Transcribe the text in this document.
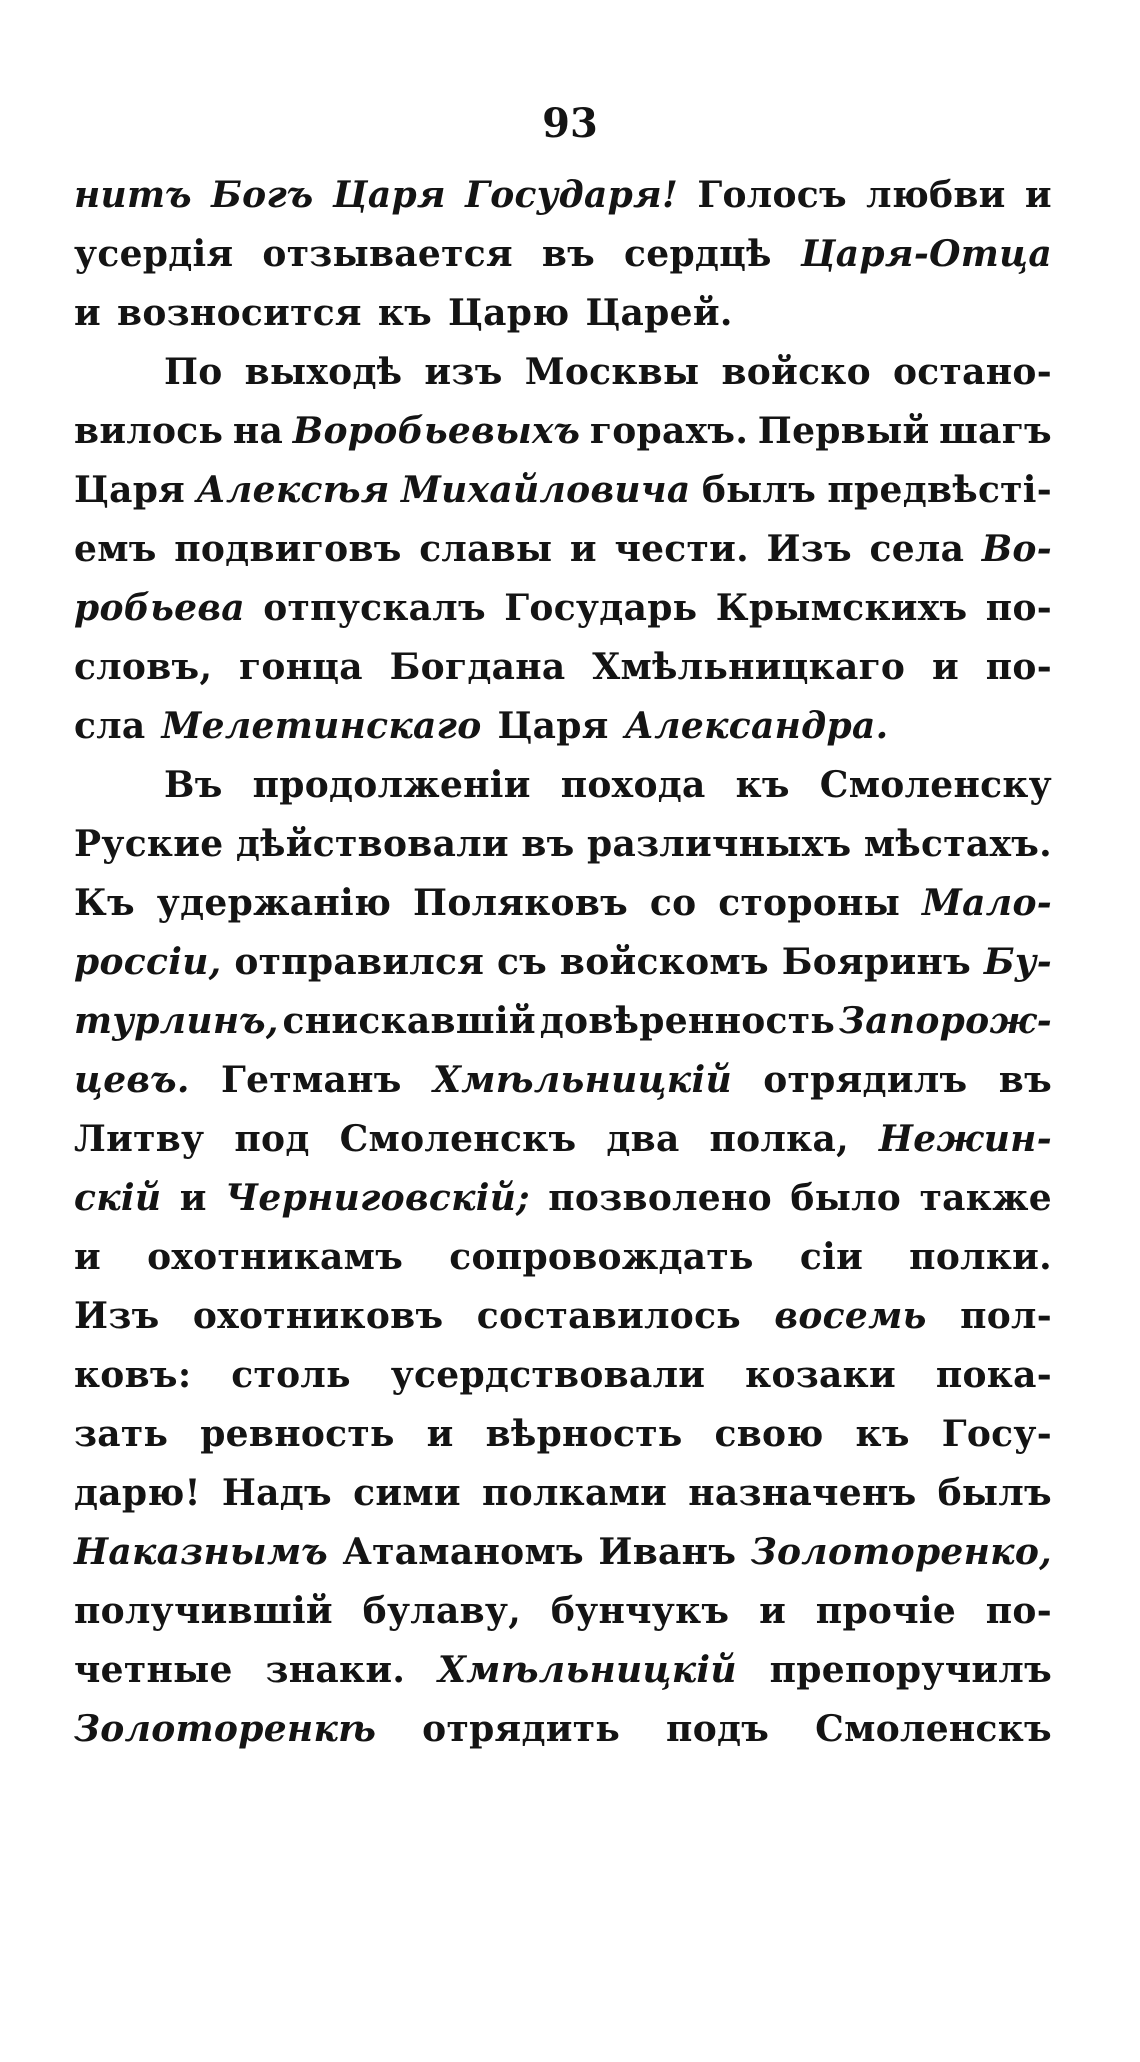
93
нитъ Богъ Царя Государя! Голосъ любви и
усердія отзывается въ сердцѣ Царя-Отца
и возносится къ Царю Царей.
По выходѣ изъ Москвы войско остано-
вилось на Воробьевыхъ горахъ. Первый шагъ
Царя Алексѣя Михайловича былъ предвѣсті-
емъ подвиговъ славы и чести. Изъ села Во-
робьева отпускалъ Государь Крымскихъ по-
словъ, гонца Богдана Хмѣльницкаго и по-
сла Мелетинскаго Царя Александра.
Въ продолженіи похода къ Смоленску
Руские дѣйствовали въ различныхъ мѣстахъ.
Къ удержанію Поляковъ со стороны Мало-
россіи, отправился съ войскомъ Бояринъ Бу-
турлинъ, снискавшій довѣренность Запорож-
цевъ. Гетманъ Хмѣльницкій отрядилъ въ
Литву под Смоленскъ два полка, Нежин-
скій и Черниговскій; позволено было также
и охотникамъ сопровождать сіи полки.
Изъ охотниковъ составилось восемь пол-
ковъ: столь усердствовали козаки пока-
зать ревность и вѣрность свою къ Госу-
дарю! Надъ сими полками назначенъ былъ
Наказнымъ Атаманомъ Иванъ Золоторенко,
получившій булаву, бунчукъ и прочіе по-
четные знаки. Хмѣльницкій препоручилъ
Золоторенкѣ отрядить подъ Смоленскъ
